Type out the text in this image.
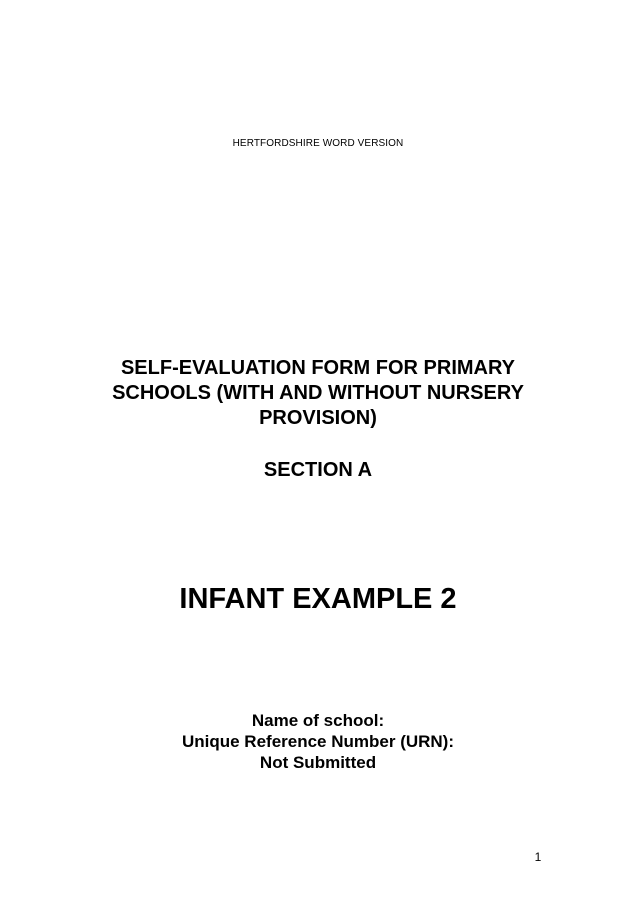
HERTFORDSHIRE WORD VERSION
SELF-EVALUATION FORM FOR PRIMARY
SCHOOLS (WITH AND WITHOUT NURSERY
PROVISION)
SECTION A
INFANT EXAMPLE 2
Name of school:
Unique Reference Number (URN):
Not Submitted
1
